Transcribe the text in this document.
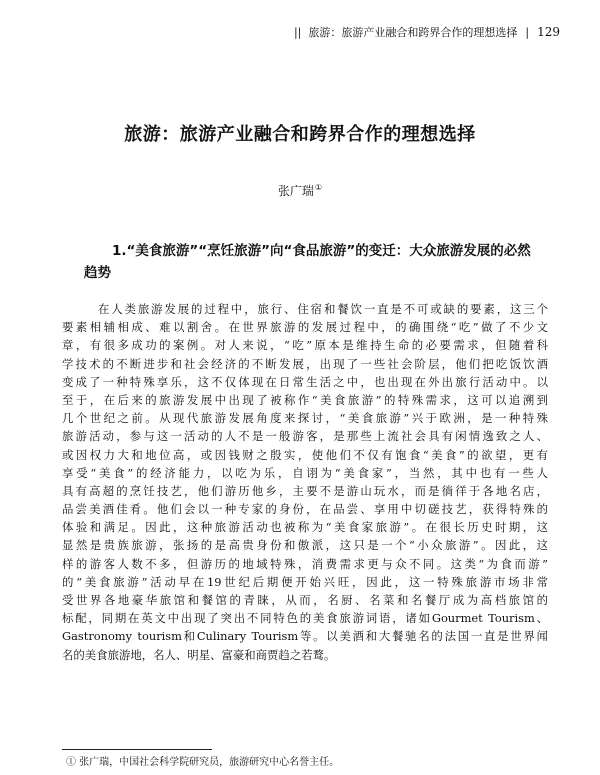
|| 旅游：旅游产业融合和跨界合作的理想选择 | 129
旅游：旅游产业融合和跨界合作的理想选择
张广瑞①
1.“美食旅游”“烹饪旅游”向“食品旅游”的变迁：大众旅游发展的必然趋势
在人类旅游发展的过程中，旅行、住宿和餐饮一直是不可或缺的要素，这三个
要素相辅相成、难以割舍。在世界旅游的发展过程中，的确围绕“吃”做了不少文
章，有很多成功的案例。对人来说，“吃”原本是维持生命的必要需求，但随着科
学技术的不断进步和社会经济的不断发展，出现了一些社会阶层，他们把吃饭饮酒
变成了一种特殊享乐，这不仅体现在日常生活之中，也出现在外出旅行活动中。以
至于，在后来的旅游发展中出现了被称作“美食旅游”的特殊需求，这可以追溯到
几个世纪之前。从现代旅游发展角度来探讨，“美食旅游”兴于欧洲，是一种特殊
旅游活动，参与这一活动的人不是一般游客，是那些上流社会具有闲情逸致之人、
或因权力大和地位高，或因钱财之殷实，使他们不仅有饱食“美食”的欲望，更有
享受“美食”的经济能力，以吃为乐，自诩为“美食家”，当然，其中也有一些人
具有高超的烹饪技艺，他们游历他乡，主要不是游山玩水，而是徜徉于各地名店，
品尝美酒佳肴。他们会以一种专家的身份，在品尝、享用中切磋技艺，获得特殊的
体验和满足。因此，这种旅游活动也被称为“美食家旅游”。在很长历史时期，这
显然是贵族旅游，张扬的是高贵身份和傲派，这只是一个“小众旅游”。因此，这
样的游客人数不多，但游历的地域特殊，消费需求更与众不同。这类“为食而游”
的“美食旅游”活动早在19世纪后期便开始兴旺，因此，这一特殊旅游市场非常
受世界各地豪华旅馆和餐馆的青睐，从而，名厨、名菜和名餐厅成为高档旅馆的
标配，同期在英文中出现了突出不同特色的美食旅游词语，诸如Gourmet Tourism、
Gastronomy tourism和Culinary Tourism等。以美酒和大餐驰名的法国一直是世界闻
名的美食旅游地，名人、明星、富豪和商贾趋之若鹜。
① 张广瑞，中国社会科学院研究员，旅游研究中心名誉主任。
